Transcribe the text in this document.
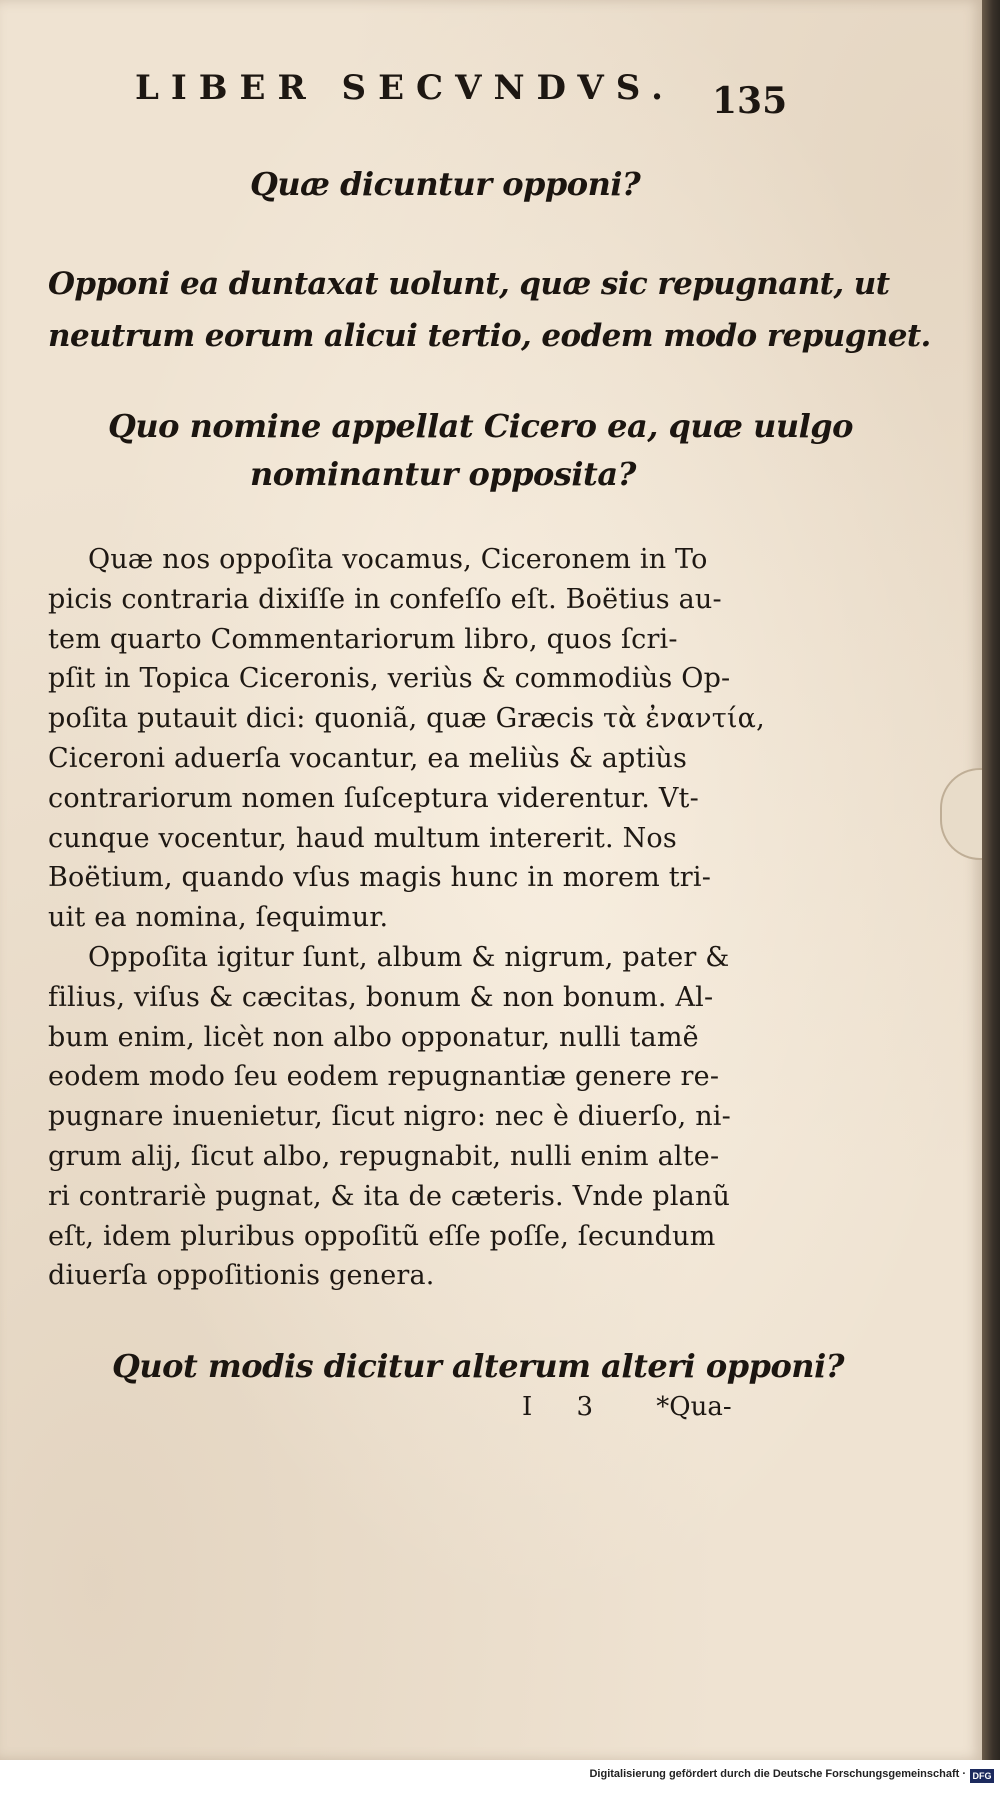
LIBER SECVNDVS.	135
Quæ dicuntur opponi?
Opponi ea duntaxat uolunt, quæ sic repugnant, ut
neutrum eorum alicui tertio, eodem modo repugnet.
Quo nomine appellat Cicero ea, quæ uulgo
nominantur opposita?
Quæ nos oppoſita vocamus, Ciceronem in To
picis contraria dixiſſe in confeſſo eſt. Boëtius au-
tem quarto Commentariorum libro, quos ſcri-
pſit in Topica Ciceronis, veriùs & commodiùs Op-
poſita putauit dici: quoniã, quæ Græcis τὰ ἐναντία,
Ciceroni aduerſa vocantur, ea meliùs & aptiùs
contrariorum nomen ſuſceptura viderentur. Vt-
cunque vocentur, haud multum intererit. Nos
Boëtium, quando vſus magis hunc in morem tri-
uit ea nomina, ſequimur.
Oppoſita igitur ſunt, album & nigrum, pater &
filius, viſus & cæcitas, bonum & non bonum. Al-
bum enim, licèt non albo opponatur, nulli tamẽ
eodem modo ſeu eodem repugnantiæ genere re-
pugnare inuenietur, ſicut nigro: nec è diuerſo, ni-
grum alij, ſicut albo, repugnabit, nulli enim alte-
ri contrariè pugnat, & ita de cæteris. Vnde planũ
eſt, idem pluribus oppoſitũ eſſe poſſe, ſecundum
diuerſa oppoſitionis genera.
Quot modis dicitur alterum alteri opponi?
I 3 *Qua-
Digitalisierung gefördert durch die Deutsche Forschungsgemeinschaft · DFG
